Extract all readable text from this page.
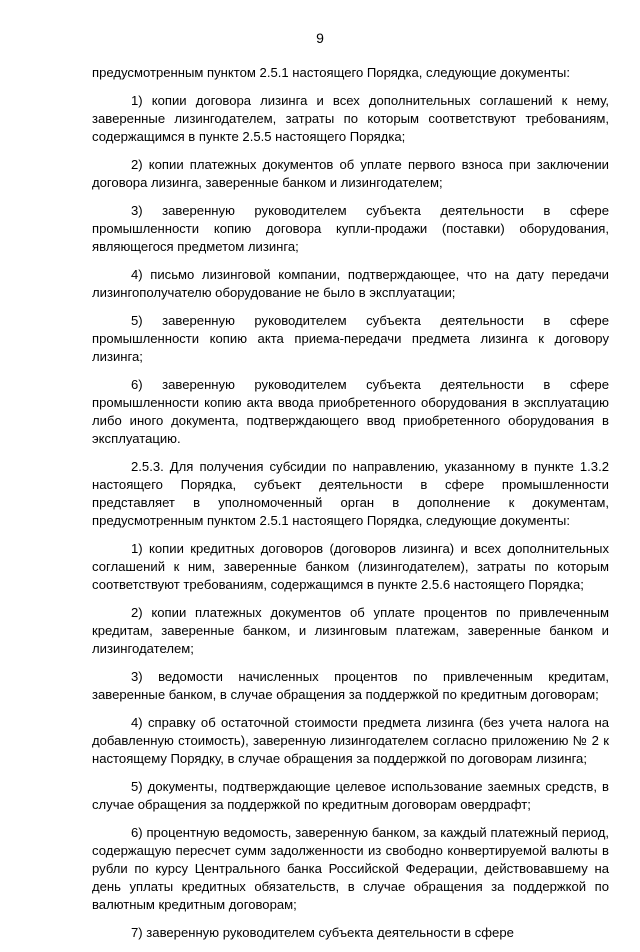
9

предусмотренным пунктом 2.5.1 настоящего Порядка, следующие документы:

1) копии договора лизинга и всех дополнительных соглашений к нему, заверенные лизингодателем, затраты по которым соответствуют требованиям, содержащимся в пункте 2.5.5 настоящего Порядка;

2) копии платежных документов об уплате первого взноса при заключении договора лизинга, заверенные банком и лизингодателем;

3) заверенную руководителем субъекта деятельности в сфере промышленности копию договора купли-продажи (поставки) оборудования, являющегося предметом лизинга;

4) письмо лизинговой компании, подтверждающее, что на дату передачи лизингополучателю оборудование не было в эксплуатации;

5) заверенную руководителем субъекта деятельности в сфере промышленности копию акта приема-передачи предмета лизинга к договору лизинга;

6) заверенную руководителем субъекта деятельности в сфере промышленности копию акта ввода приобретенного оборудования в эксплуатацию либо иного документа, подтверждающего ввод приобретенного оборудования в эксплуатацию.

2.5.3. Для получения субсидии по направлению, указанному в пункте 1.3.2 настоящего Порядка, субъект деятельности в сфере промышленности представляет в уполномоченный орган в дополнение к документам, предусмотренным пунктом 2.5.1 настоящего Порядка, следующие документы:

1) копии кредитных договоров (договоров лизинга) и всех дополнительных соглашений к ним, заверенные банком (лизингодателем), затраты по которым соответствуют требованиям, содержащимся в пункте 2.5.6 настоящего Порядка;

2) копии платежных документов об уплате процентов по привлеченным кредитам, заверенные банком, и лизинговым платежам, заверенные банком и лизингодателем;

3) ведомости начисленных процентов по привлеченным кредитам, заверенные банком, в случае обращения за поддержкой по кредитным договорам;

4) справку об остаточной стоимости предмета лизинга (без учета налога на добавленную стоимость), заверенную лизингодателем согласно приложению № 2 к настоящему Порядку, в случае обращения за поддержкой по договорам лизинга;

5) документы, подтверждающие целевое использование заемных средств, в случае обращения за поддержкой по кредитным договорам овердрафт;

6) процентную ведомость, заверенную банком, за каждый платежный период, содержащую пересчет сумм задолженности из свободно конвертируемой валюты в рубли по курсу Центрального банка Российской Федерации, действовавшему на день уплаты кредитных обязательств, в случае обращения за поддержкой по валютным кредитным договорам;

7) заверенную руководителем субъекта деятельности в сфере
